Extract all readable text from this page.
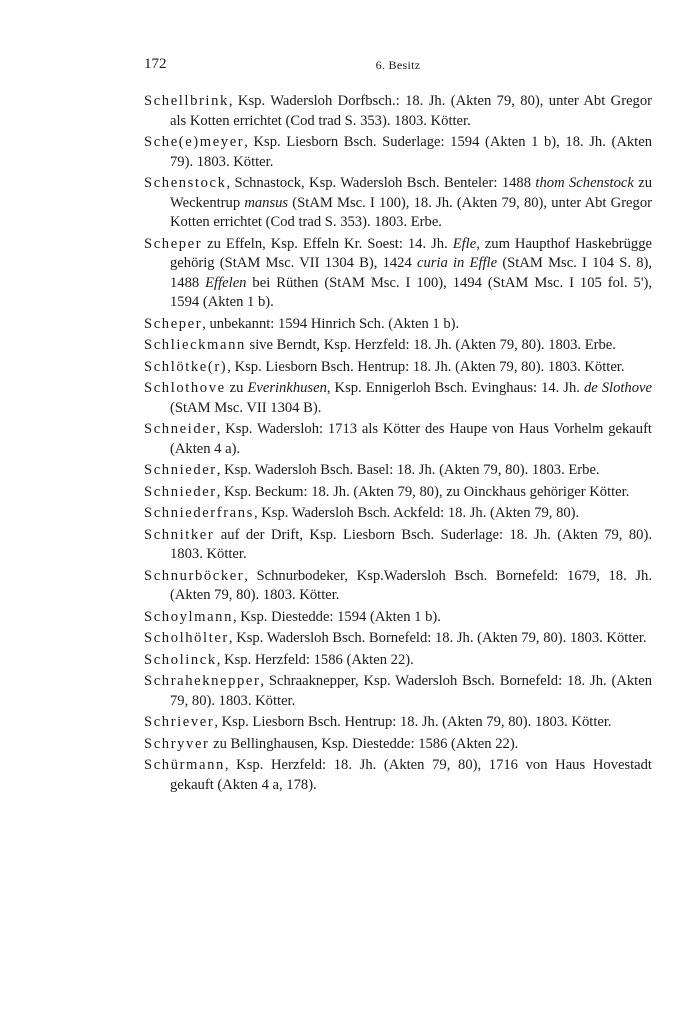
172	6. Besitz

Schellbrink, Ksp. Wadersloh Dorfbsch.: 18. Jh. (Akten 79, 80), unter Abt Gregor als Kotten errichtet (Cod trad S. 353). 1803. Kötter.

Sche(e)meyer, Ksp. Liesborn Bsch. Suderlage: 1594 (Akten 1 b), 18. Jh. (Akten 79). 1803. Kötter.

Schenstock, Schnastock, Ksp. Wadersloh Bsch. Benteler: 1488 thom Schenstock zu Weckentrup mansus (StAM Msc. I 100), 18. Jh. (Akten 79, 80), unter Abt Gregor Kotten errichtet (Cod trad S. 353). 1803. Erbe.

Scheper zu Effeln, Ksp. Effeln Kr. Soest: 14. Jh. Efle, zum Haupthof Haskebrügge gehörig (StAM Msc. VII 1304 B), 1424 curia in Effle (StAM Msc. I 104 S. 8), 1488 Effelen bei Rüthen (StAM Msc. I 100), 1494 (StAM Msc. I 105 fol. 5'), 1594 (Akten 1 b).

Scheper, unbekannt: 1594 Hinrich Sch. (Akten 1 b).

Schlieckmann sive Berndt, Ksp. Herzfeld: 18. Jh. (Akten 79, 80). 1803. Erbe.

Schlötke(r), Ksp. Liesborn Bsch. Hentrup: 18. Jh. (Akten 79, 80). 1803. Kötter.

Schlothove zu Everinkhusen, Ksp. Ennigerloh Bsch. Evinghaus: 14. Jh. de Slothove (StAM Msc. VII 1304 B).

Schneider, Ksp. Wadersloh: 1713 als Kötter des Haupe von Haus Vorhelm gekauft (Akten 4 a).

Schnieder, Ksp. Wadersloh Bsch. Basel: 18. Jh. (Akten 79, 80). 1803. Erbe.

Schnieder, Ksp. Beckum: 18. Jh. (Akten 79, 80), zu Oinckhaus gehöriger Kötter.

Schniederfrans, Ksp. Wadersloh Bsch. Ackfeld: 18. Jh. (Akten 79, 80).

Schnitker auf der Drift, Ksp. Liesborn Bsch. Suderlage: 18. Jh. (Akten 79, 80). 1803. Kötter.

Schnurböcker, Schnurbodeker, Ksp.Wadersloh Bsch. Bornefeld: 1679, 18. Jh. (Akten 79, 80). 1803. Kötter.

Schoylmann, Ksp. Diestedde: 1594 (Akten 1 b).

Scholhölter, Ksp. Wadersloh Bsch. Bornefeld: 18. Jh. (Akten 79, 80). 1803. Kötter.

Scholinck, Ksp. Herzfeld: 1586 (Akten 22).

Schraheknepper, Schraaknepper, Ksp. Wadersloh Bsch. Bornefeld: 18. Jh. (Akten 79, 80). 1803. Kötter.

Schriever, Ksp. Liesborn Bsch. Hentrup: 18. Jh. (Akten 79, 80). 1803. Kötter.

Schryver zu Bellinghausen, Ksp. Diestedde: 1586 (Akten 22).

Schürmann, Ksp. Herzfeld: 18. Jh. (Akten 79, 80), 1716 von Haus Hovestadt gekauft (Akten 4 a, 178).
